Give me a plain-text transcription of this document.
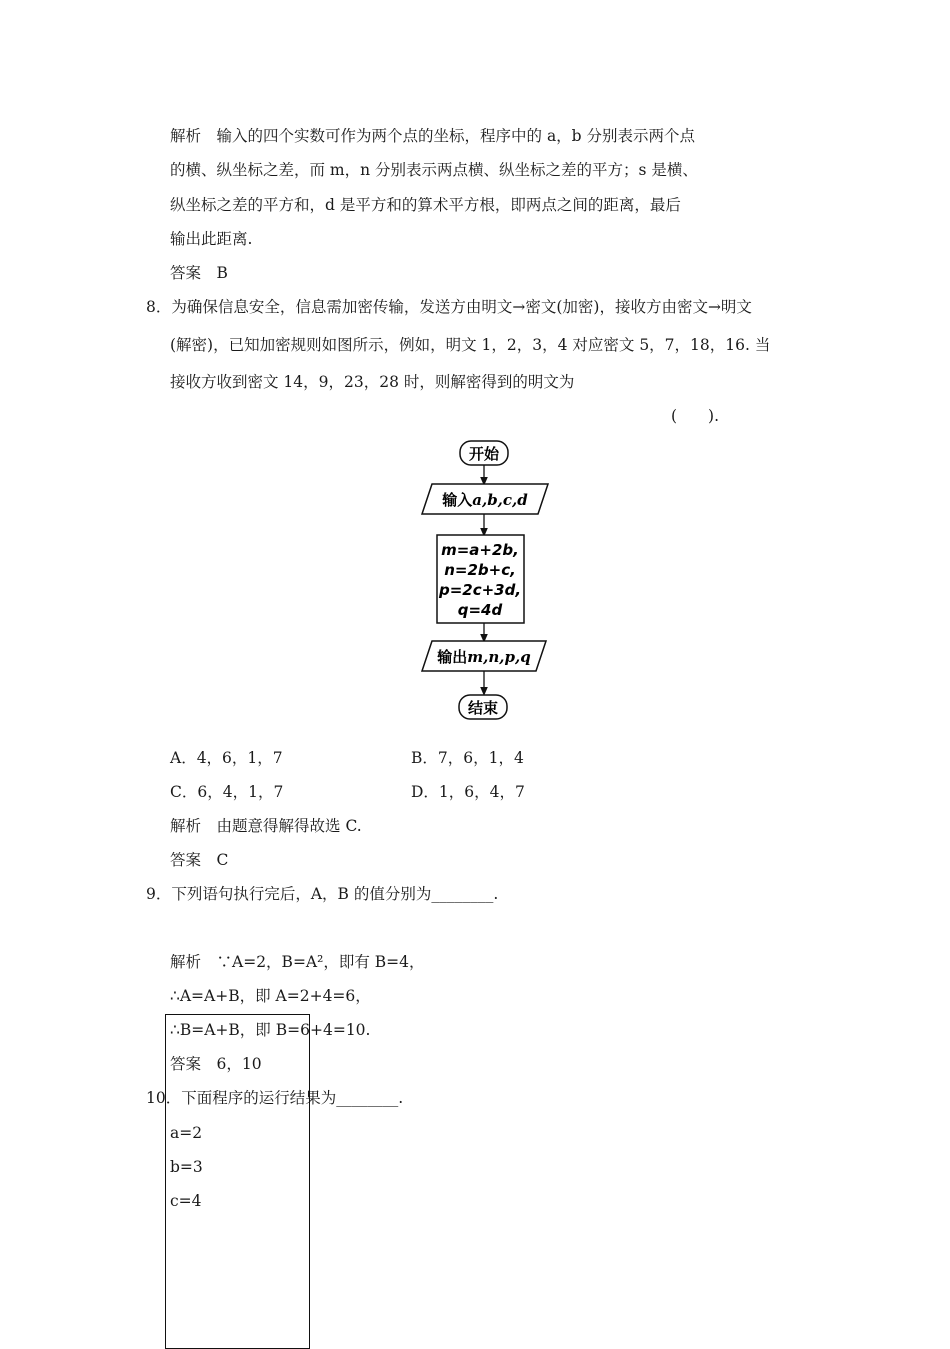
解析  输入的四个实数可作为两个点的坐标，程序中的 a，b 分别表示两个点
的横、纵坐标之差，而 m，n 分别表示两点横、纵坐标之差的平方；s 是横、
纵坐标之差的平方和，d 是平方和的算术平方根，即两点之间的距离，最后
输出此距离.
答案  B
8．为确保信息安全，信息需加密传输，发送方由明文→密文(加密)，接收方由密文→明文
(解密)，已知加密规则如图所示，例如，明文 1，2，3，4 对应密文 5，7，18，16. 当
接收方收到密文 14，9，23，28 时，则解密得到的明文为
(　　).
开始
输入a,b,c,d
m=a+2b,
n=2b+c,
p=2c+3d,
q=4d
输出m,n,p,q
结束
A．4，6，1，7	B．7，6，1，4
C．6，4，1，7	D．1，6，4，7
解析  由题意得解得故选 C.
答案  C
9．下列语句执行完后，A，B 的值分别为________.
解析  ∵A=2，B=A²，即有 B=4，
∴A=A+B，即 A=2+4=6，
∴B=A+B，即 B=6+4=10.
答案  6，10
10．下面程序的运行结果为________.
a=2
b=3
c=4
